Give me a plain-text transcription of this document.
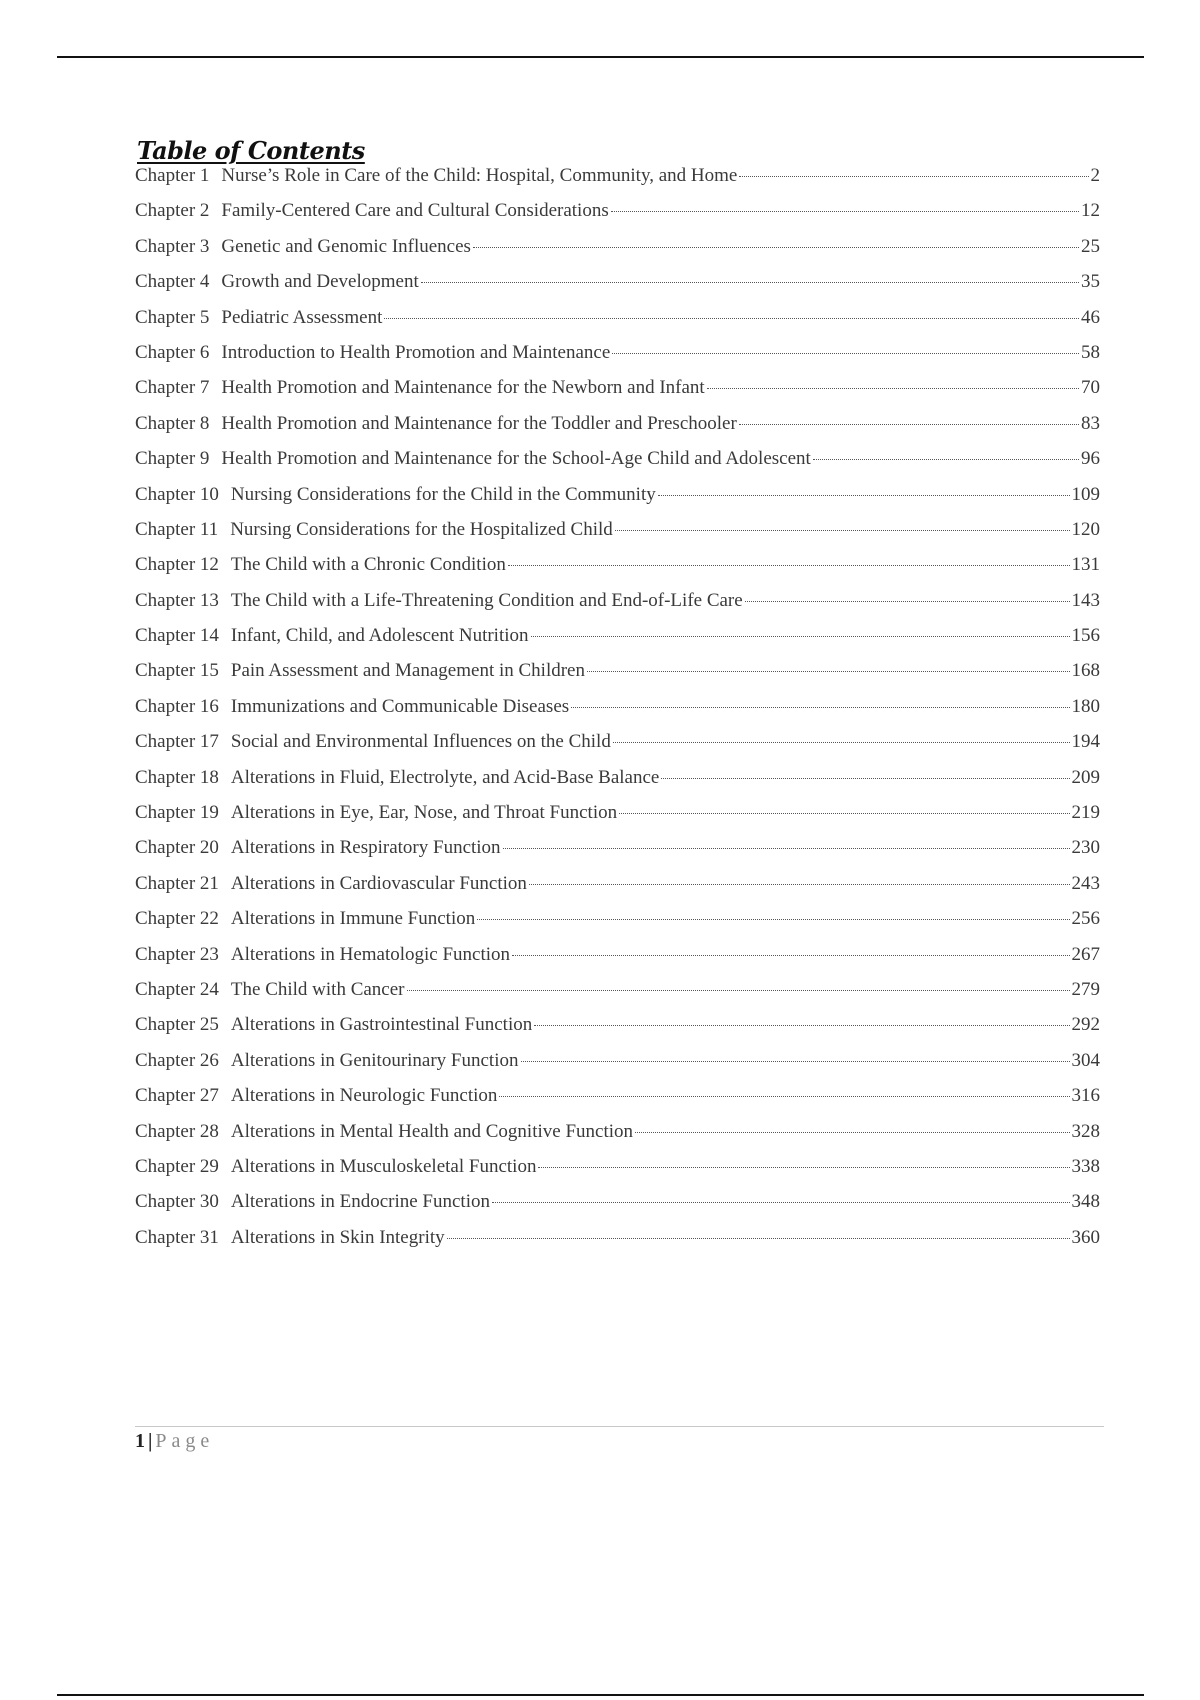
Table of Contents
Chapter 1 Nurse’s Role in Care of the Child: Hospital, Community, and Home	2
Chapter 2 Family-Centered Care and Cultural Considerations	12
Chapter 3 Genetic and Genomic Influences	25
Chapter 4 Growth and Development	35
Chapter 5 Pediatric Assessment	46
Chapter 6 Introduction to Health Promotion and Maintenance	58
Chapter 7 Health Promotion and Maintenance for the Newborn and Infant	70
Chapter 8 Health Promotion and Maintenance for the Toddler and Preschooler	83
Chapter 9 Health Promotion and Maintenance for the School-Age Child and Adolescent	96
Chapter 10 Nursing Considerations for the Child in the Community	109
Chapter 11 Nursing Considerations for the Hospitalized Child	120
Chapter 12 The Child with a Chronic Condition	131
Chapter 13 The Child with a Life-Threatening Condition and End-of-Life Care	143
Chapter 14 Infant, Child, and Adolescent Nutrition	156
Chapter 15 Pain Assessment and Management in Children	168
Chapter 16 Immunizations and Communicable Diseases	180
Chapter 17 Social and Environmental Influences on the Child	194
Chapter 18 Alterations in Fluid, Electrolyte, and Acid-Base Balance	209
Chapter 19 Alterations in Eye, Ear, Nose, and Throat Function	219
Chapter 20 Alterations in Respiratory Function	230
Chapter 21 Alterations in Cardiovascular Function	243
Chapter 22 Alterations in Immune Function	256
Chapter 23 Alterations in Hematologic Function	267
Chapter 24 The Child with Cancer	279
Chapter 25 Alterations in Gastrointestinal Function	292
Chapter 26 Alterations in Genitourinary Function	304
Chapter 27 Alterations in Neurologic Function	316
Chapter 28 Alterations in Mental Health and Cognitive Function	328
Chapter 29 Alterations in Musculoskeletal Function	338
Chapter 30 Alterations in Endocrine Function	348
Chapter 31 Alterations in Skin Integrity	360
1 | Page
